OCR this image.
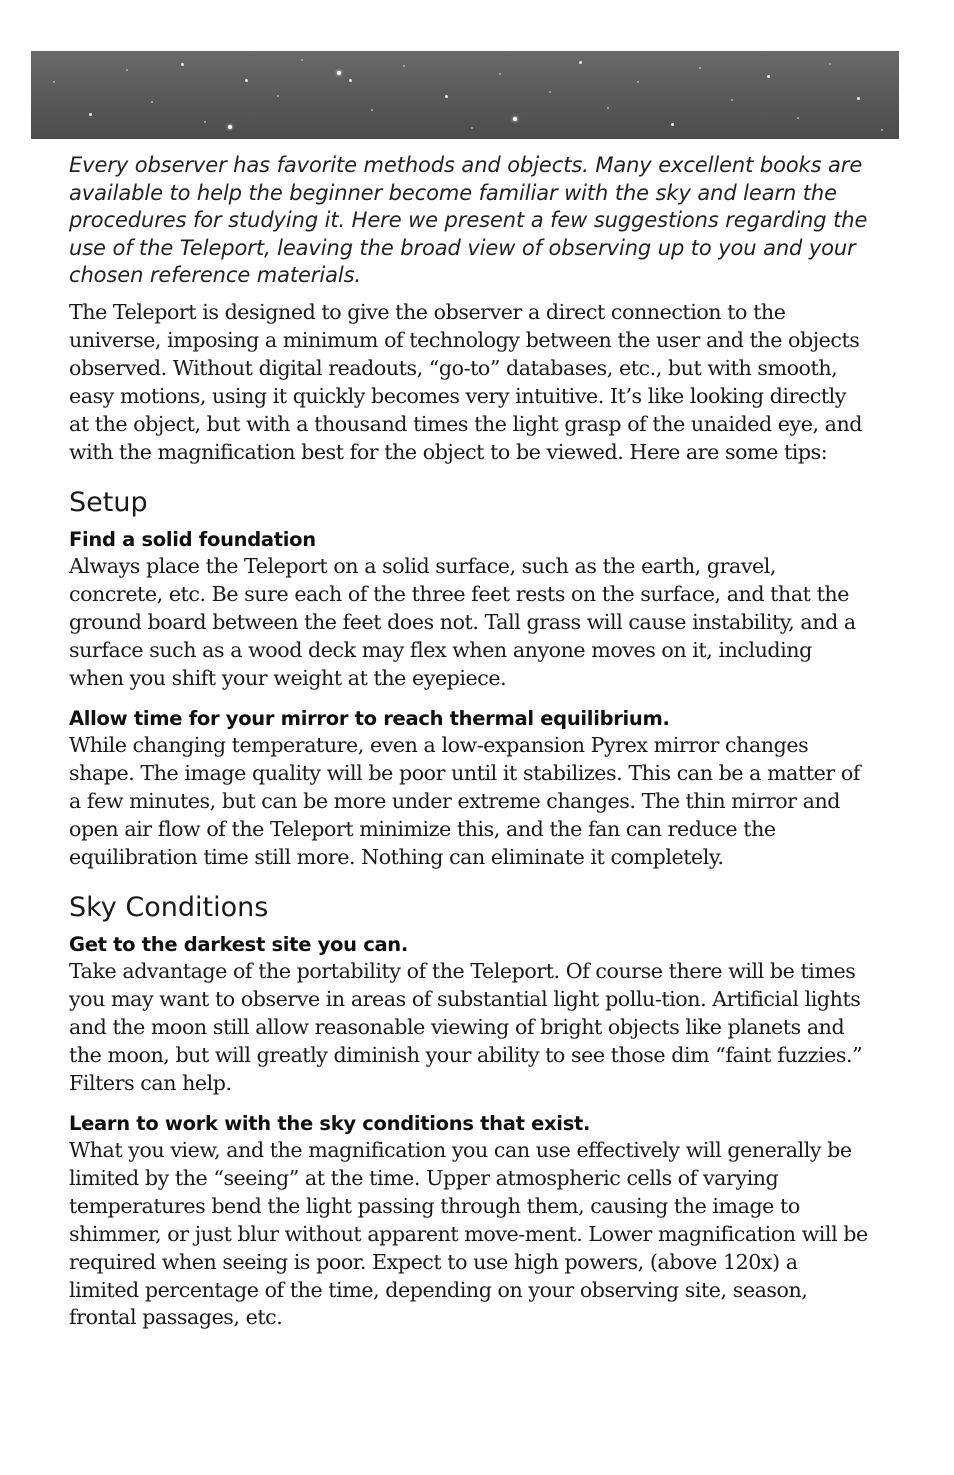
Every observer has favorite methods and objects. Many excellent books are available to help the beginner become familiar with the sky and learn the procedures for studying it. Here we present a few suggestions regarding the use of the Teleport, leaving the broad view of observing up to you and your chosen reference materials.

The Teleport is designed to give the observer a direct connection to the universe, imposing a minimum of technology between the user and the objects observed. Without digital readouts, “go-to” databases, etc., but with smooth, easy motions, using it quickly becomes very intuitive. It’s like looking directly at the object, but with a thousand times the light grasp of the unaided eye, and with the magnification best for the object to be viewed. Here are some tips:

Setup
Find a solid foundation

Always place the Teleport on a solid surface, such as the earth, gravel, concrete, etc. Be sure each of the three feet rests on the surface, and that the ground board between the feet does not. Tall grass will cause instability, and a surface such as a wood deck may flex when anyone moves on it, including when you shift your weight at the eyepiece.

Allow time for your mirror to reach thermal equilibrium.

While changing temperature, even a low-expansion Pyrex mirror changes shape. The image quality will be poor until it stabilizes. This can be a matter of a few minutes, but can be more under extreme changes. The thin mirror and open air flow of the Teleport minimize this, and the fan can reduce the equilibration time still more. Nothing can eliminate it completely.

Sky Conditions
Get to the darkest site you can.

Take advantage of the portability of the Teleport. Of course there will be times you may want to observe in areas of substantial light pollu-tion. Artificial lights and the moon still allow reasonable viewing of bright objects like planets and the moon, but will greatly diminish your ability to see those dim “faint fuzzies.” Filters can help.

Learn to work with the sky conditions that exist.

What you view, and the magnification you can use effectively will generally be limited by the “seeing” at the time. Upper atmospheric cells of varying temperatures bend the light passing through them, causing the image to shimmer, or just blur without apparent move-ment. Lower magnification will be required when seeing is poor. Expect to use high powers, (above 120x) a limited percentage of the time, depending on your observing site, season, frontal passages, etc.
